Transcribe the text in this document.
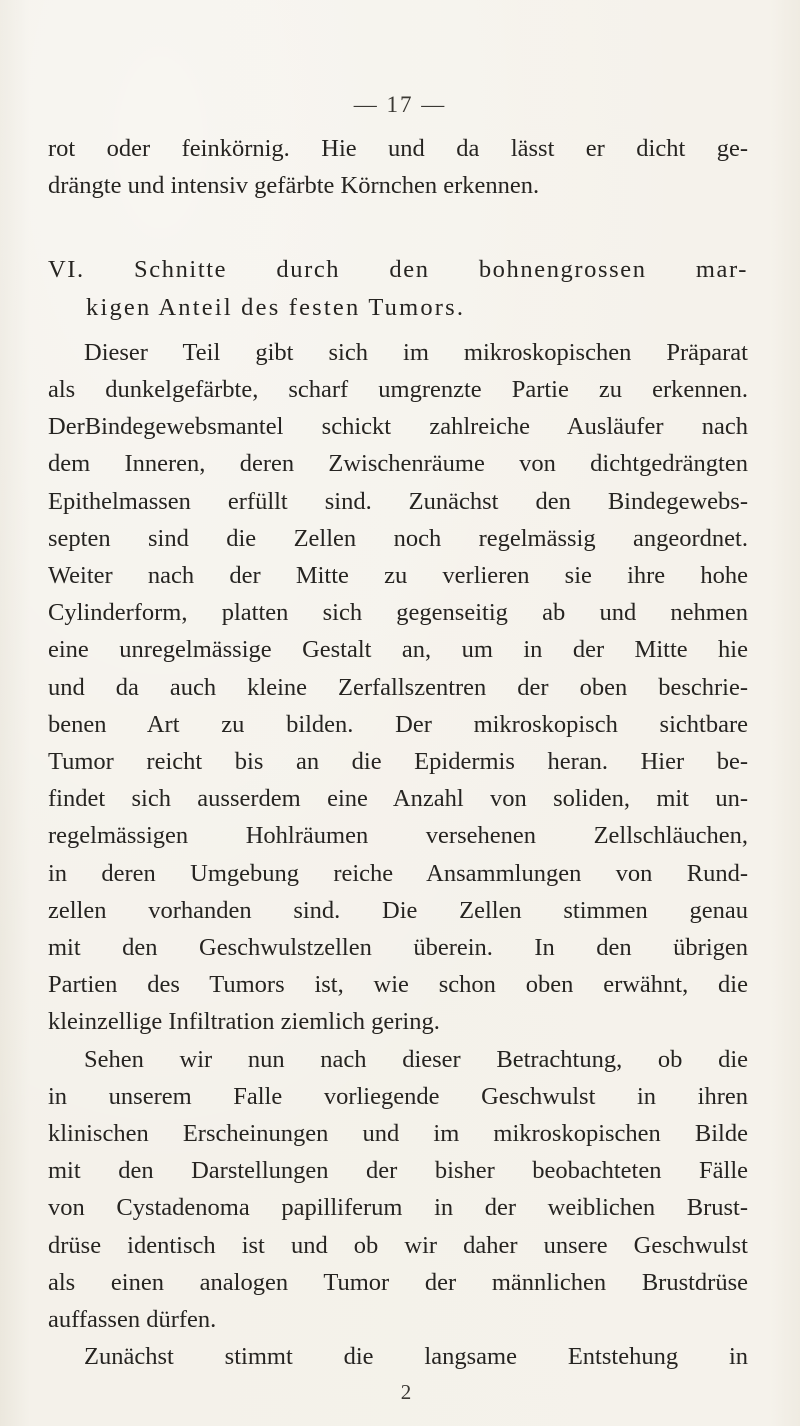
— 17 —
rot oder feinkörnig. Hie und da lässt er dicht ge-
drängte und intensiv gefärbte Körnchen erkennen.
VI. Schnitte durch den bohnengrossen mar-
kigen Anteil des festen Tumors.
Dieser Teil gibt sich im mikroskopischen Präparat
als dunkelgefärbte, scharf umgrenzte Partie zu erkennen.
DerBindegewebsmantel schickt zahlreiche Ausläufer nach
dem Inneren, deren Zwischenräume von dichtgedrängten
Epithelmassen erfüllt sind. Zunächst den Bindegewebs-
septen sind die Zellen noch regelmässig angeordnet.
Weiter nach der Mitte zu verlieren sie ihre hohe
Cylinderform, platten sich gegenseitig ab und nehmen
eine unregelmässige Gestalt an, um in der Mitte hie
und da auch kleine Zerfallszentren der oben beschrie-
benen Art zu bilden. Der mikroskopisch sichtbare
Tumor reicht bis an die Epidermis heran. Hier be-
findet sich ausserdem eine Anzahl von soliden, mit un-
regelmässigen Hohlräumen versehenen Zellschläuchen,
in deren Umgebung reiche Ansammlungen von Rund-
zellen vorhanden sind. Die Zellen stimmen genau
mit den Geschwulstzellen überein. In den übrigen
Partien des Tumors ist, wie schon oben erwähnt, die
kleinzellige Infiltration ziemlich gering.
Sehen wir nun nach dieser Betrachtung, ob die
in unserem Falle vorliegende Geschwulst in ihren
klinischen Erscheinungen und im mikroskopischen Bilde
mit den Darstellungen der bisher beobachteten Fälle
von Cystadenoma papilliferum in der weiblichen Brust-
drüse identisch ist und ob wir daher unsere Geschwulst
als einen analogen Tumor der männlichen Brustdrüse
auffassen dürfen.
Zunächst stimmt die langsame Entstehung in
2
